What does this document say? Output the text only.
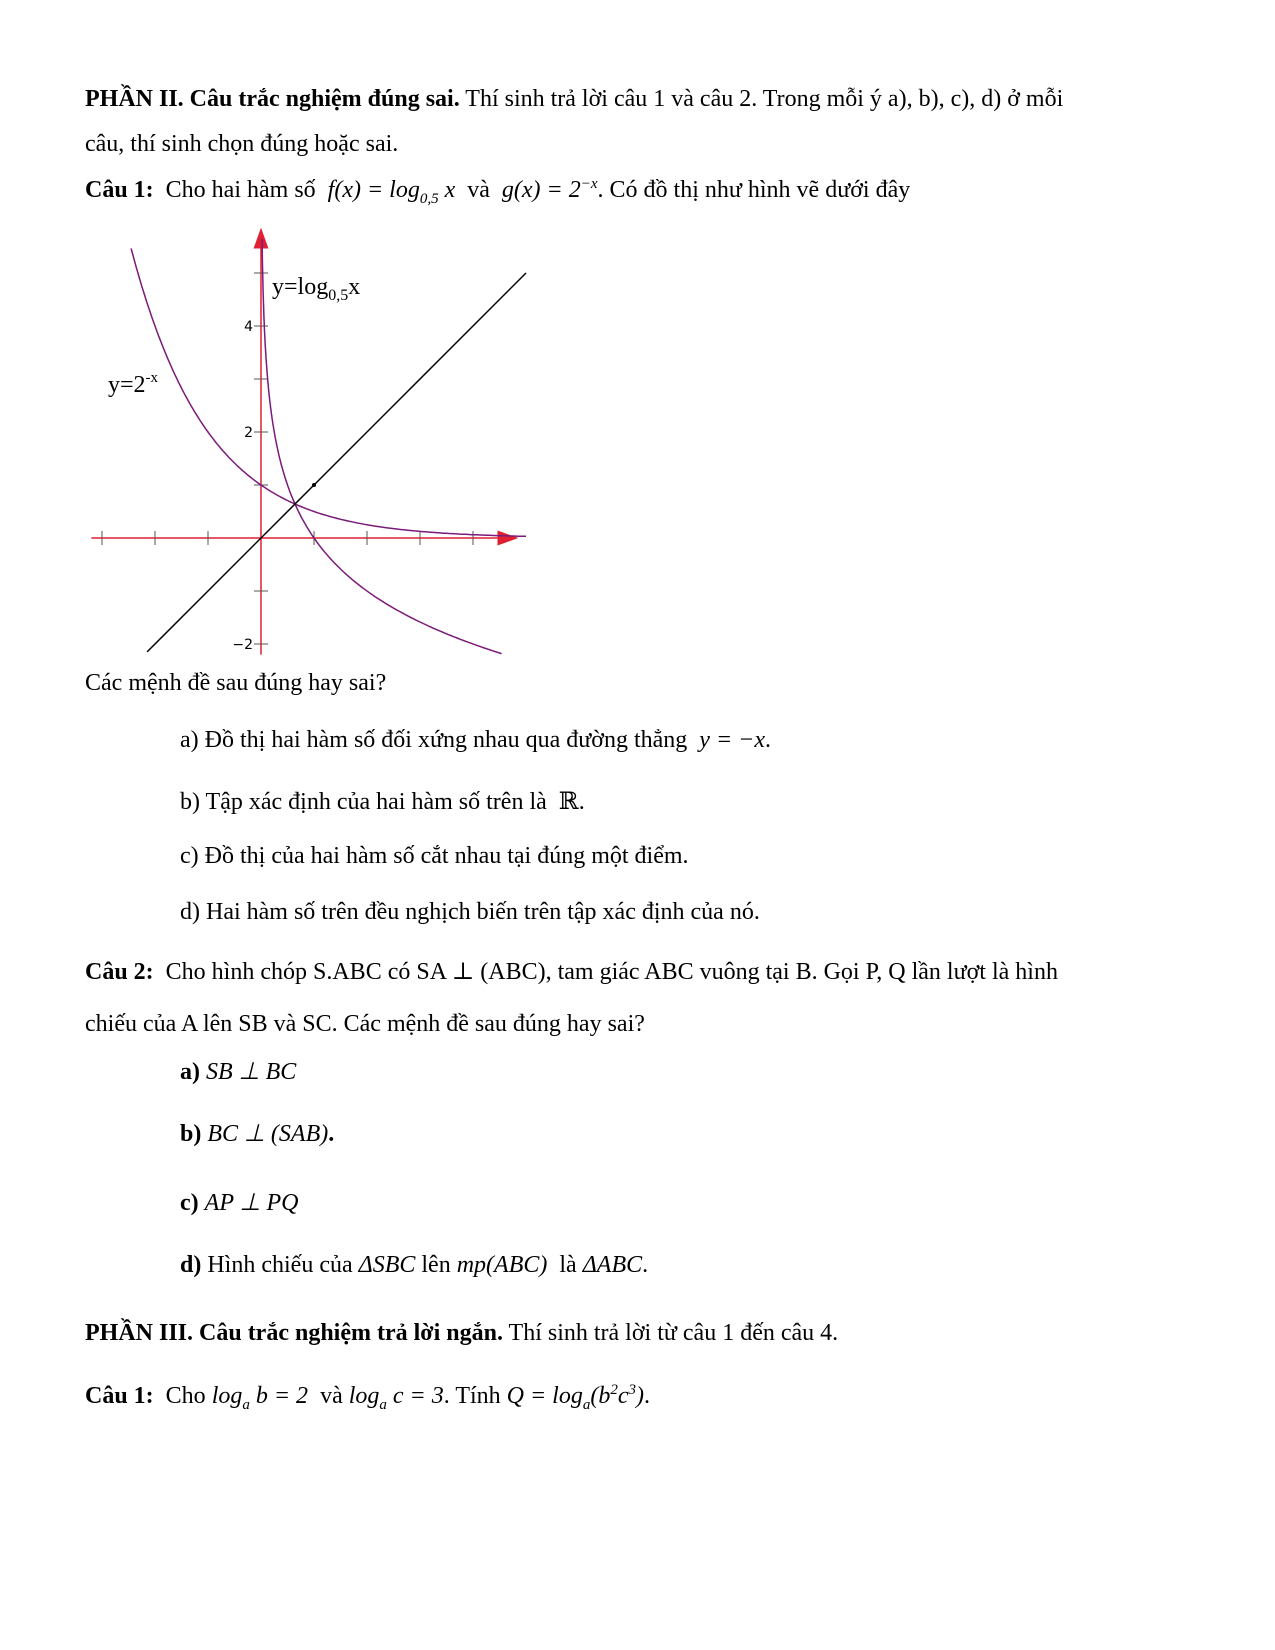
PHẦN II. Câu trắc nghiệm đúng sai. Thí sinh trả lời câu 1 và câu 2. Trong mỗi ý a), b), c), d) ở mỗi
câu, thí sinh chọn đúng hoặc sai.
Câu 1: Cho hai hàm số $f(x) = \log_{0,5} x$ và $g(x) = 2^{-x}$. Có đồ thị như hình vẽ dưới đây
−2
2
4
$y=\log_{0,5}x$
$y=2^{-x}$
Các mệnh đề sau đúng hay sai?
a) Đồ thị hai hàm số đối xứng nhau qua đường thẳng y = −x.
b) Tập xác định của hai hàm số trên là ℝ.
c) Đồ thị của hai hàm số cắt nhau tại đúng một điểm.
d) Hai hàm số trên đều nghịch biến trên tập xác định của nó.
Câu 2: Cho hình chóp S.ABC có SA ⊥ (ABC), tam giác ABC vuông tại B. Gọi P, Q lần lượt là hình
chiếu của A lên SB và SC. Các mệnh đề sau đúng hay sai?
a) SB ⊥ BC
b) BC ⊥ (SAB).
c) AP ⊥ PQ
d) Hình chiếu của ΔSBC lên mp(ABC) là ΔABC.
PHẦN III. Câu trắc nghiệm trả lời ngắn. Thí sinh trả lời từ câu 1 đến câu 4.
Câu 1: Cho $\log_a b = 2$ và $\log_a c = 3$. Tính $Q = \log_a(b^2c^3)$.
